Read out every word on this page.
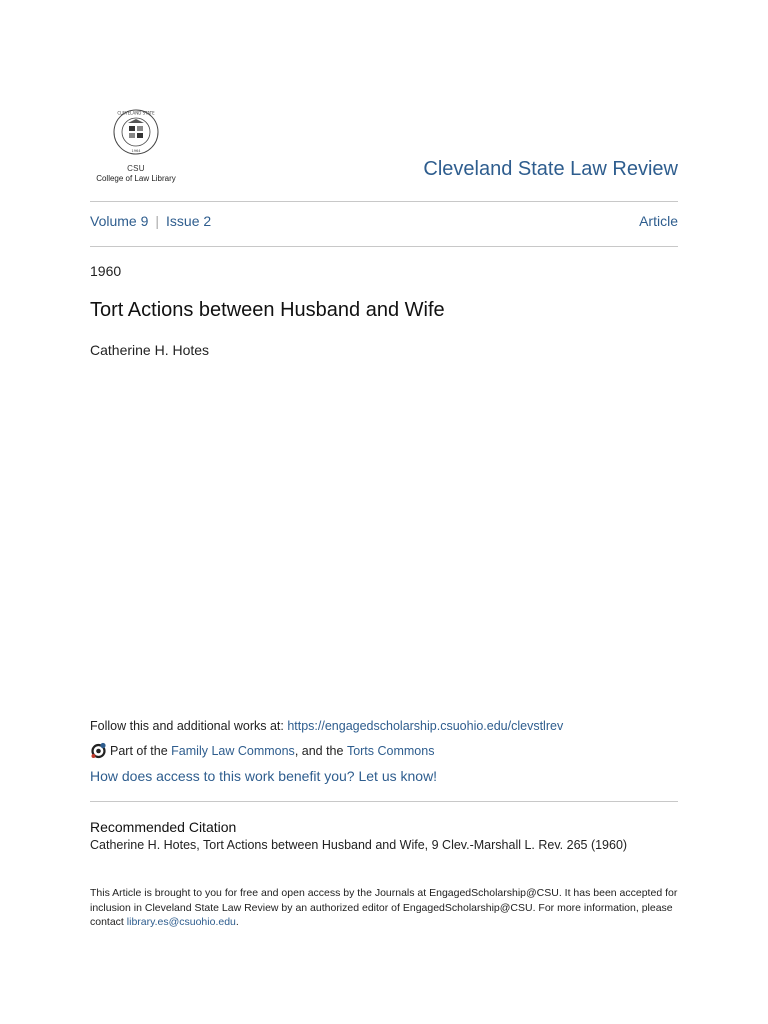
CLEVELAND STATE
1964
CSU
College of Law Library	Cleveland State Law Review
Volume 9 | Issue 2	Article
1960
Tort Actions between Husband and Wife
Catherine H. Hotes
Follow this and additional works at: https://engagedscholarship.csuohio.edu/clevstlrev
Part of the
Family Law Commons , and the Torts Commons
How does access to this work benefit you? Let us know!
Recommended Citation
Catherine H. Hotes, Tort Actions between Husband and Wife, 9 Clev.-Marshall L. Rev. 265 (1960)
This Article is brought to you for free and open access by the Journals at EngagedScholarship@CSU. It has been accepted for inclusion in Cleveland State Law Review by an authorized editor of EngagedScholarship@CSU. For more information, please contact library.es@csuohio.edu.
